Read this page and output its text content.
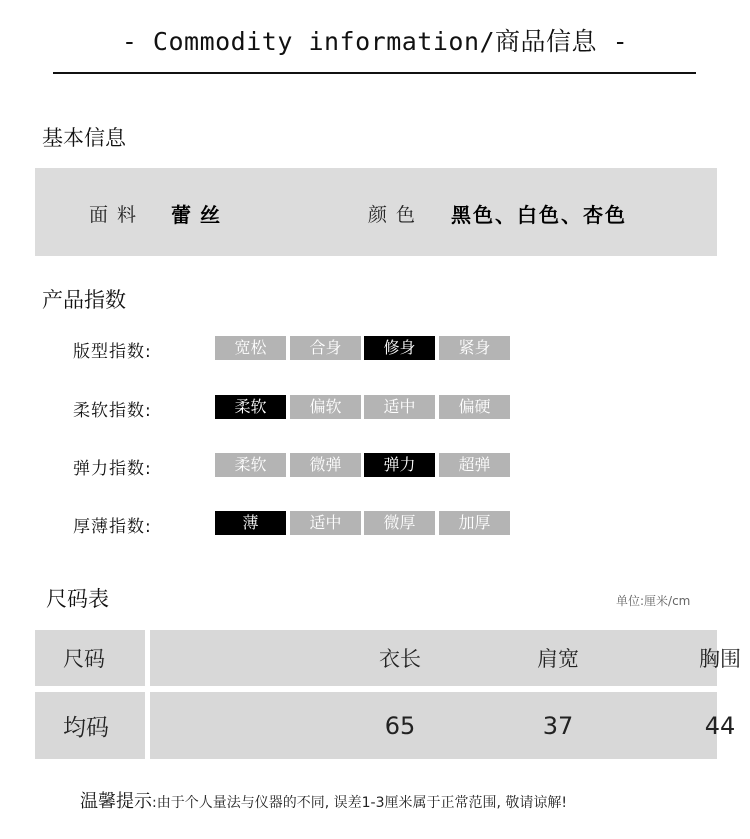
- Commodity information/商品信息 -
基本信息
面料 蕾丝	颜色 黑色、白色、杏色
产品指数
版型指数:	宽松	合身	修身	紧身
柔软指数:	柔软	偏软	适中	偏硬
弹力指数:	柔软	微弹	弹力	超弹
厚薄指数:	薄	适中	微厚	加厚
尺码表	单位:厘米/cm
尺码	衣长	肩宽	胸围
均码	65	37	44
温馨提示:由于个人量法与仪器的不同, 误差1-3厘米属于正常范围, 敬请谅解!
